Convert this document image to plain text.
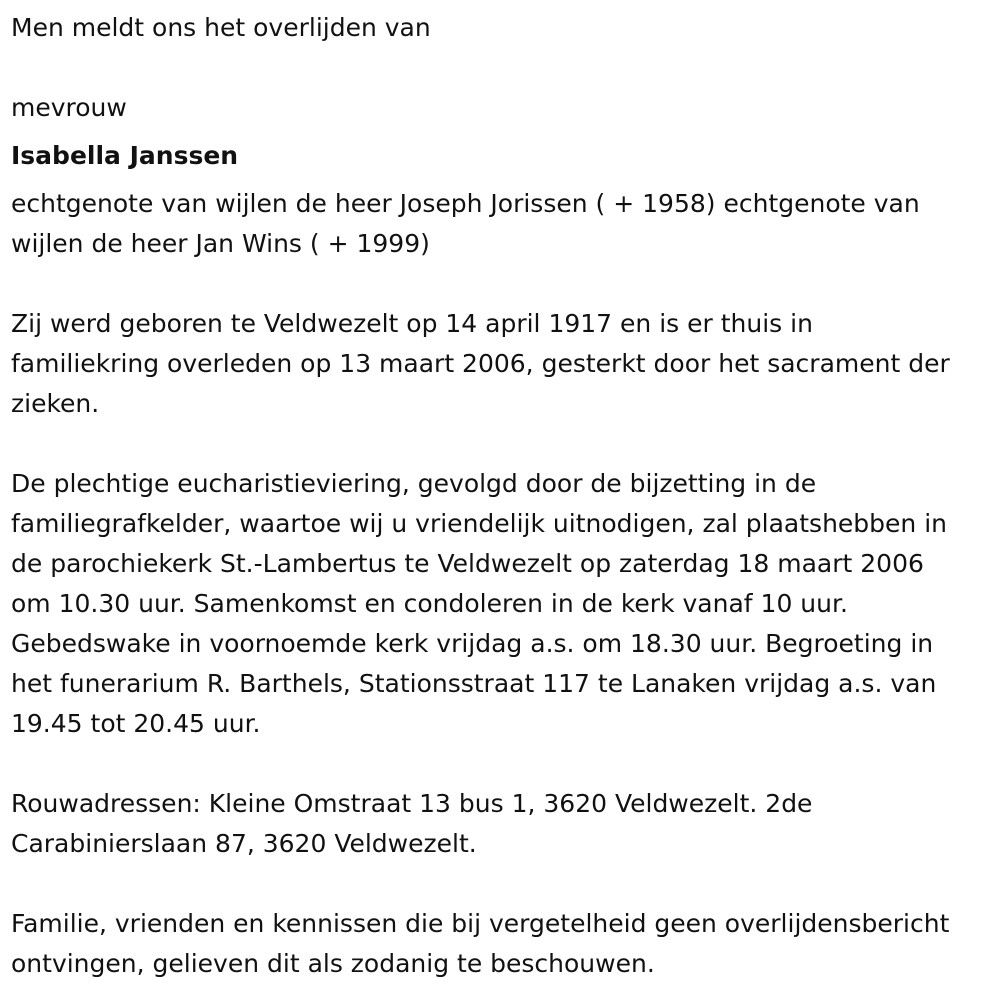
Men meldt ons het overlijden van

mevrouw

Isabella Janssen

echtgenote van wijlen de heer Joseph Jorissen ( + 1958) echtgenote van wijlen de heer Jan Wins ( + 1999)

Zij werd geboren te Veldwezelt op 14 april 1917 en is er thuis in familiekring overleden op 13 maart 2006, gesterkt door het sacrament der zieken.

De plechtige eucharistieviering, gevolgd door de bijzetting in de familiegrafkelder, waartoe wij u vriendelijk uitnodigen, zal plaatshebben in de parochiekerk St.-Lambertus te Veldwezelt op zaterdag 18 maart 2006 om 10.30 uur. Samenkomst en condoleren in de kerk vanaf 10 uur. Gebedswake in voornoemde kerk vrijdag a.s. om 18.30 uur. Begroeting in het funerarium R. Barthels, Stationsstraat 117 te Lanaken vrijdag a.s. van 19.45 tot 20.45 uur.

Rouwadressen: Kleine Omstraat 13 bus 1, 3620 Veldwezelt. 2de Carabinierslaan 87, 3620 Veldwezelt.

Familie, vrienden en kennissen die bij vergetelheid geen overlijdensbericht ontvingen, gelieven dit als zodanig te beschouwen.
